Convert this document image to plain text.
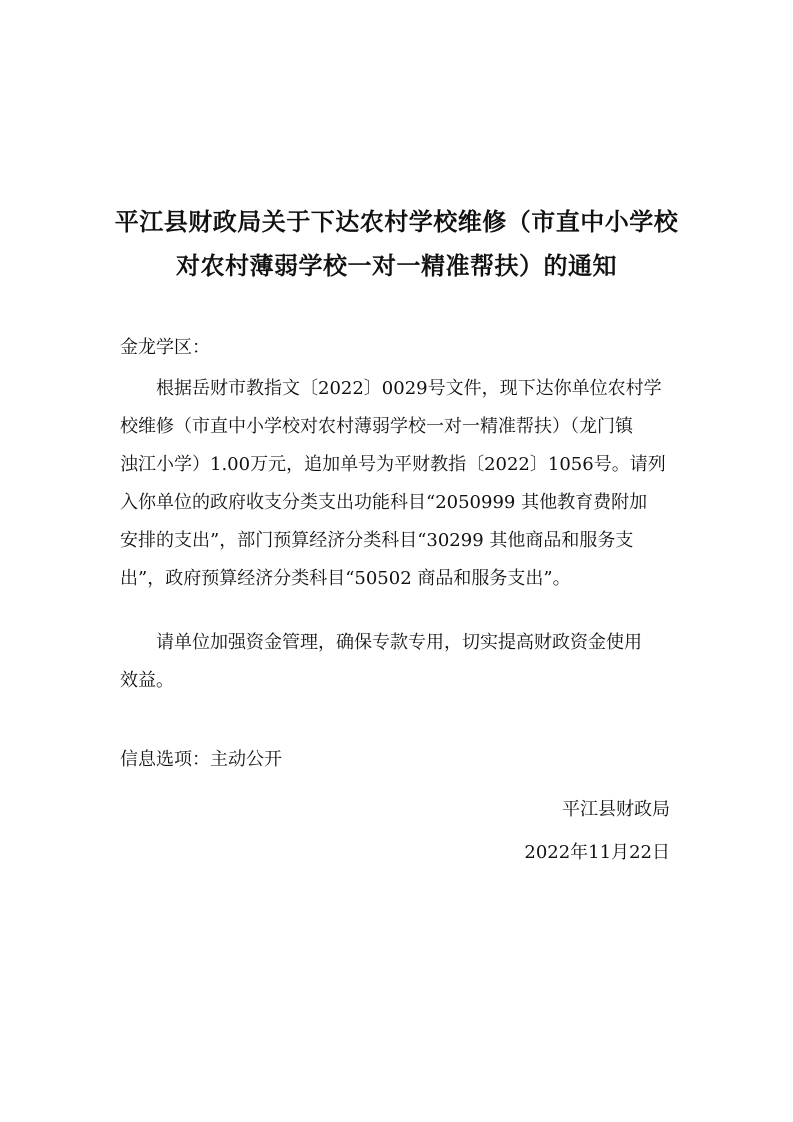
平江县财政局关于下达农村学校维修（市直中小学校
对农村薄弱学校一对一精准帮扶）的通知
金龙学区：
根据岳财市教指文〔2022〕0029号文件，现下达你单位农村学
校维修（市直中小学校对农村薄弱学校一对一精准帮扶）（龙门镇
浊江小学）1.00万元，追加单号为平财教指〔2022〕1056号。请列
入你单位的政府收支分类支出功能科目“2050999 其他教育费附加
安排的支出”，部门预算经济分类科目“30299 其他商品和服务支
出”，政府预算经济分类科目“50502 商品和服务支出”。
请单位加强资金管理，确保专款专用，切实提高财政资金使用
效益。
信息选项：主动公开
平江县财政局
2022年11月22日
